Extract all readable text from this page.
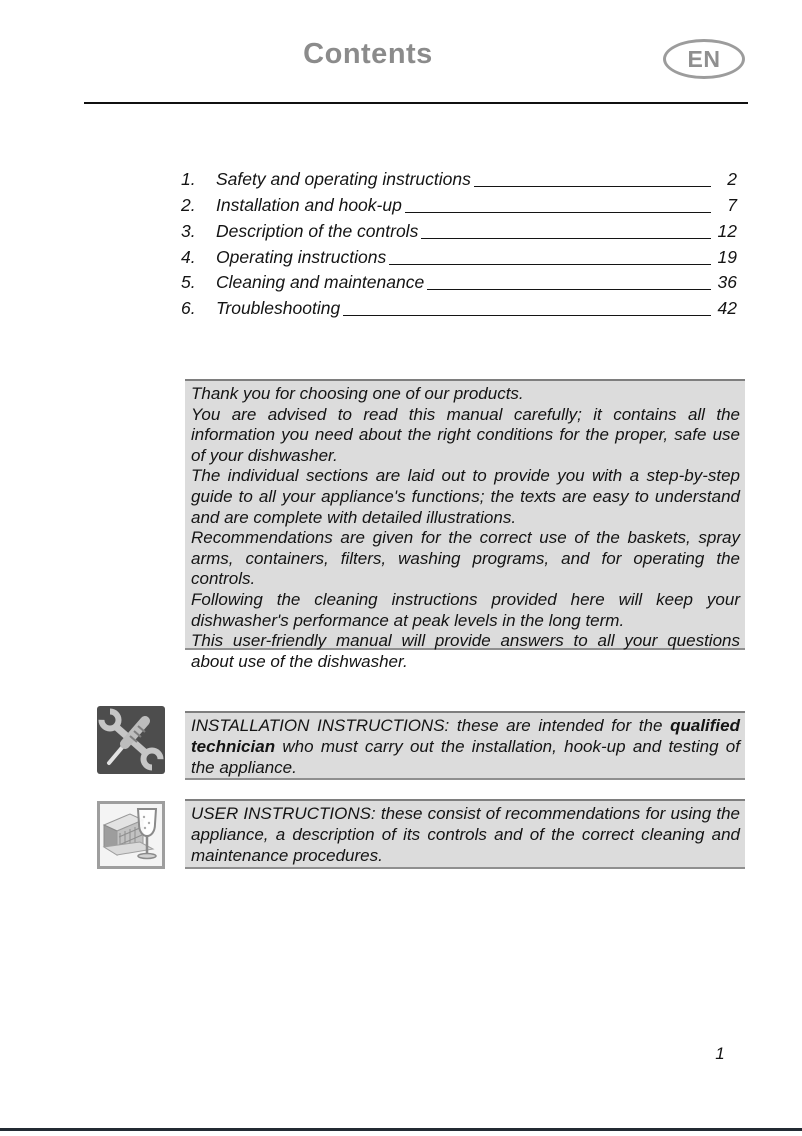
Contents	EN
1.	Safety and operating instructions	2
2.	Installation and hook-up	7
3.	Description of the controls	12
4.	Operating instructions	19
5.	Cleaning and maintenance	36
6.	Troubleshooting	42

Thank you for choosing one of our products.

You are advised to read this manual carefully; it contains all the information you need about the right conditions for the proper, safe use of your dishwasher.

The individual sections are laid out to provide you with a step-by-step guide to all your appliance's functions; the texts are easy to understand and are complete with detailed illustrations.

Recommendations are given for the correct use of the baskets, spray arms, containers, filters, washing programs, and for operating the controls.

Following the cleaning instructions provided here will keep your dishwasher's performance at peak levels in the long term.

This user-friendly manual will provide answers to all your questions about use of the dishwasher.

INSTALLATION INSTRUCTIONS: these are intended for the qualified technician who must carry out the installation, hook-up and testing of the appliance.

USER INSTRUCTIONS: these consist of recommendations for using the appliance, a description of its controls and of the correct cleaning and maintenance procedures.

1
